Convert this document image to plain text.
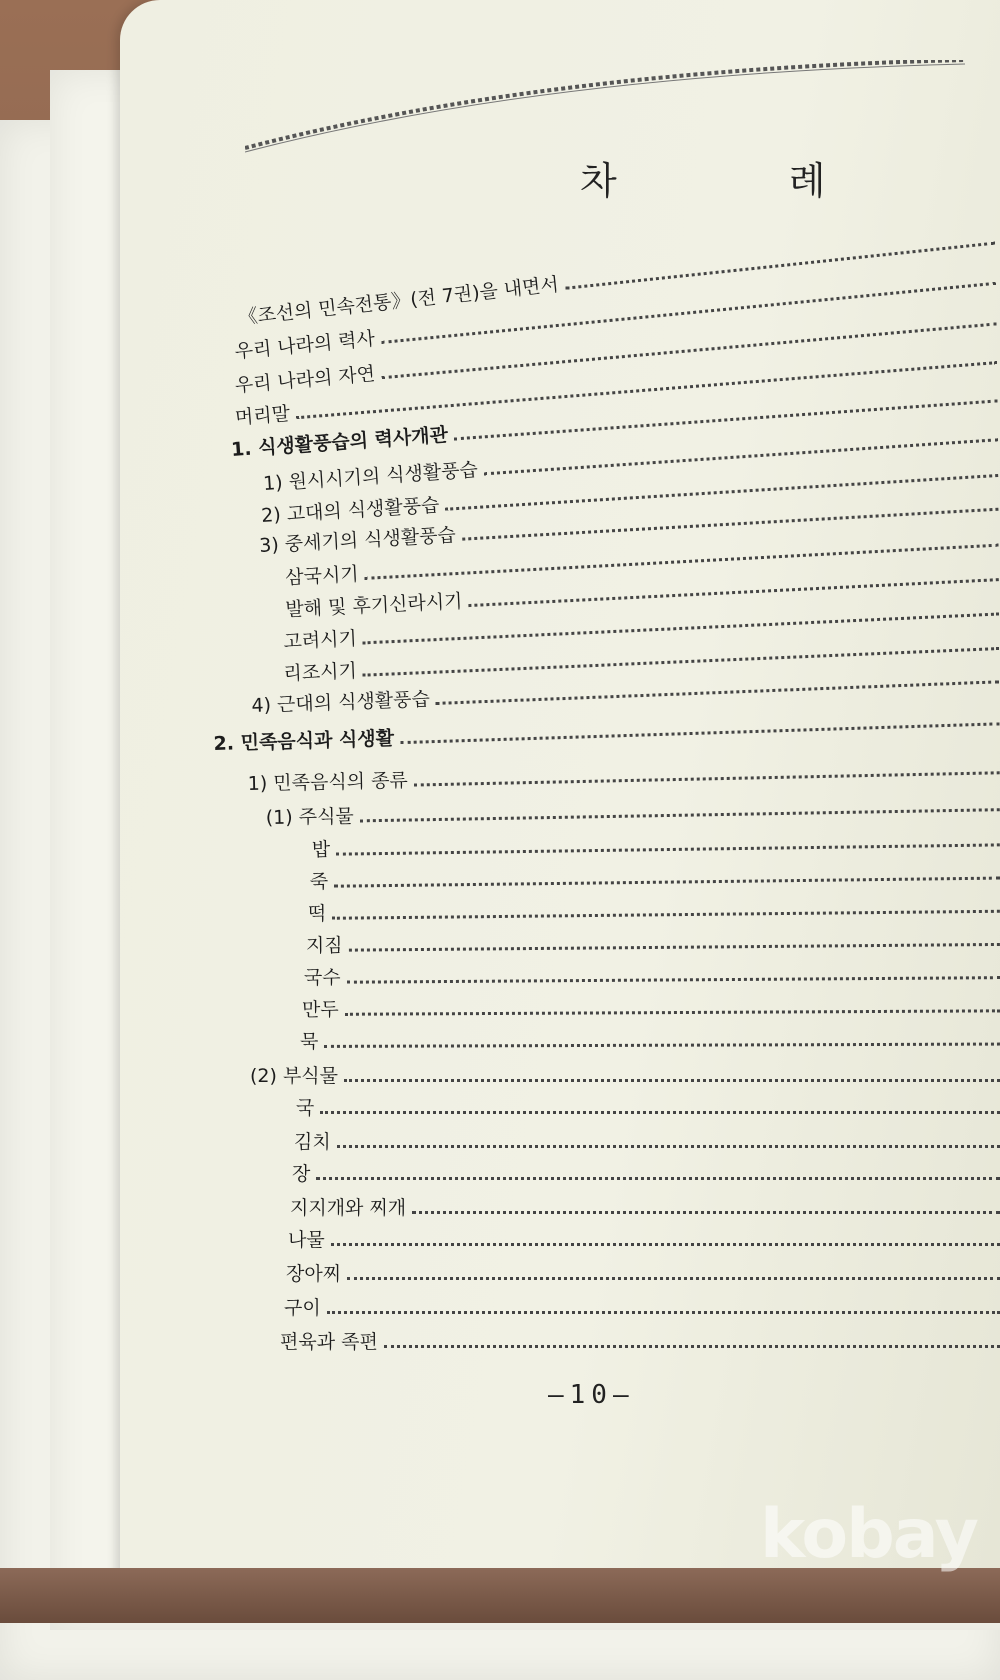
차 례
《조선의 민속전통》(전 7권)을 내면서
우리 나라의 력사
우리 나라의 자연
머리말
1. 식생활풍습의 력사개관
1) 원시시기의 식생활풍습
2) 고대의 식생활풍습
3) 중세기의 식생활풍습
삼국시기
발해 및 후기신라시기
고려시기
리조시기
4) 근대의 식생활풍습
2. 민족음식과 식생활
1) 민족음식의 종류
(1) 주식물
밥
죽
떡
지짐
국수
만두
묵
(2) 부식물
국
김치
장
지지개와 찌개
나물
장아찌
구이
편육과 족편
—10—
kobay
